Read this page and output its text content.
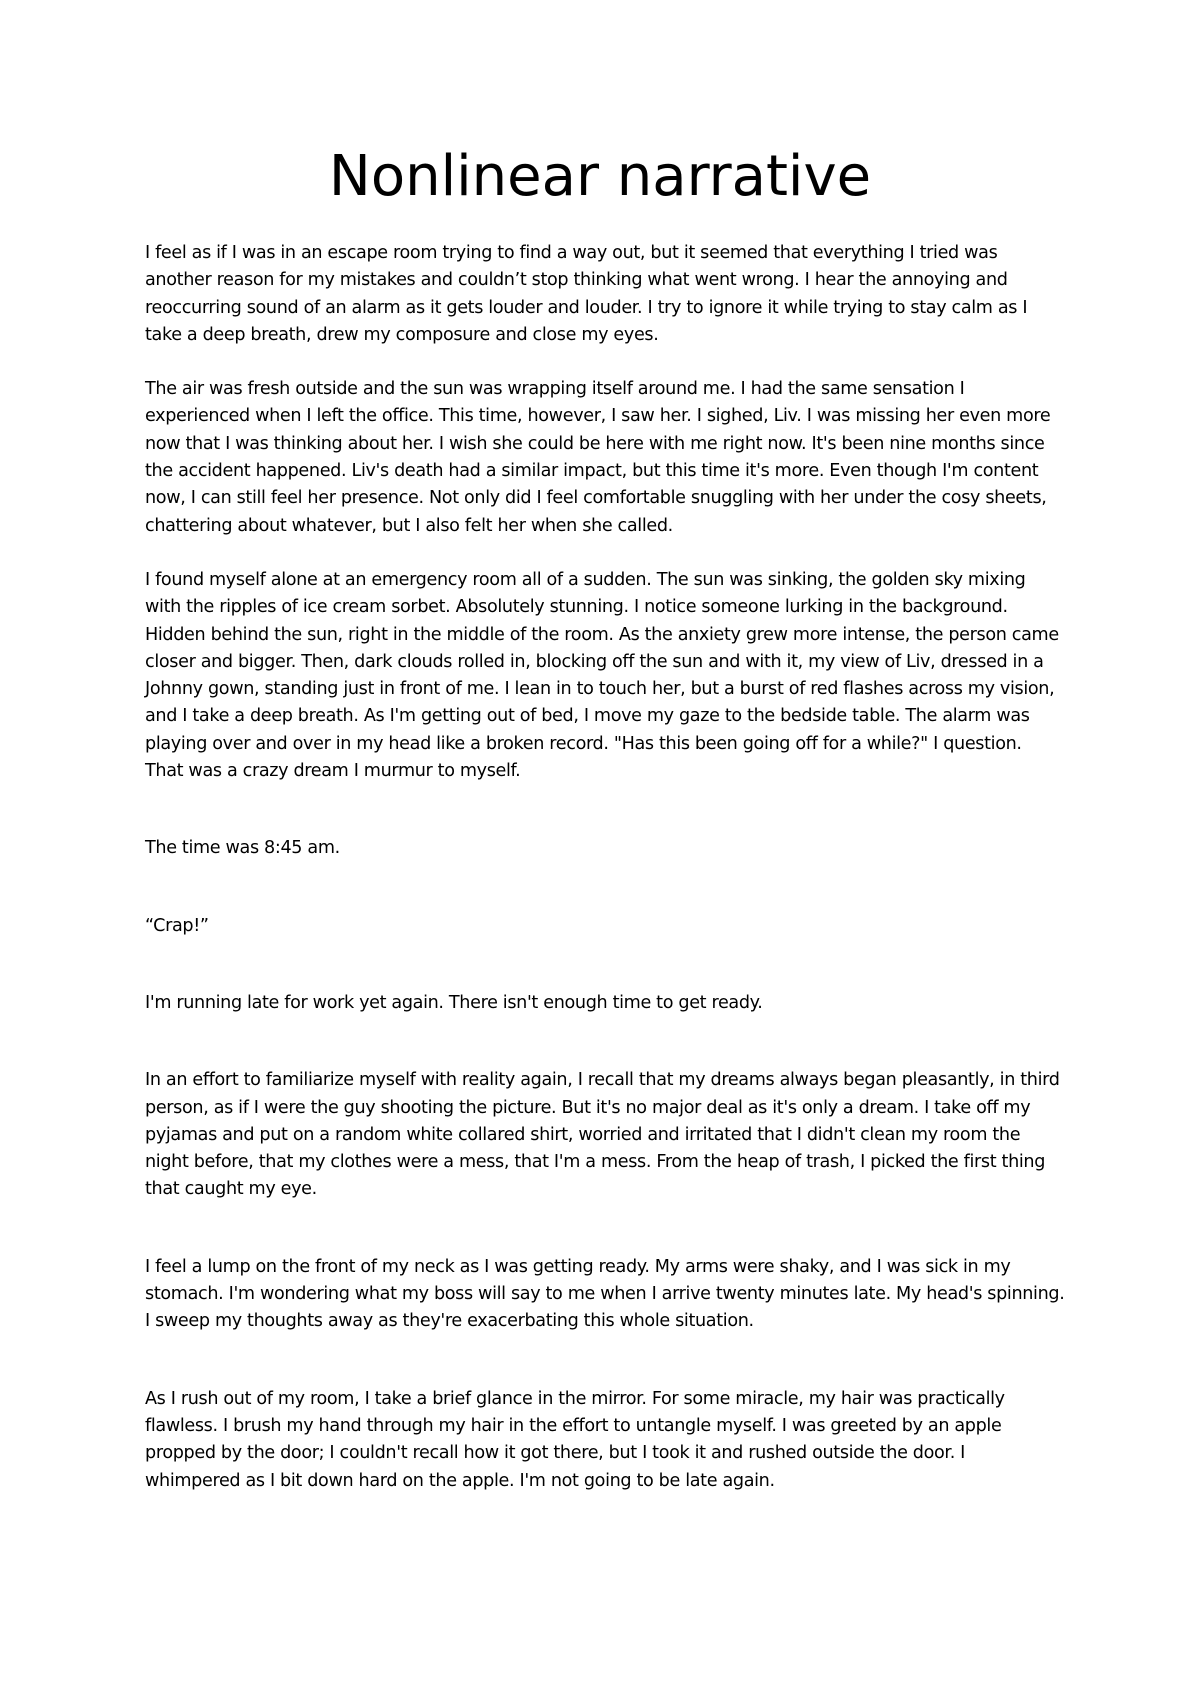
Nonlinear narrative

I feel as if I was in an escape room trying to find a way out, but it seemed that everything I tried was another reason for my mistakes and couldn’t stop thinking what went wrong. I hear the annoying and reoccurring sound of an alarm as it gets louder and louder. I try to ignore it while trying to stay calm as I take a deep breath, drew my composure and close my eyes.

The air was fresh outside and the sun was wrapping itself around me. I had the same sensation I experienced when I left the office. This time, however, I saw her. I sighed, Liv. I was missing her even more now that I was thinking about her. I wish she could be here with me right now. It's been nine months since the accident happened. Liv's death had a similar impact, but this time it's more. Even though I'm content now, I can still feel her presence. Not only did I feel comfortable snuggling with her under the cosy sheets, chattering about whatever, but I also felt her when she called.

I found myself alone at an emergency room all of a sudden. The sun was sinking, the golden sky mixing with the ripples of ice cream sorbet. Absolutely stunning. I notice someone lurking in the background. Hidden behind the sun, right in the middle of the room. As the anxiety grew more intense, the person came closer and bigger. Then, dark clouds rolled in, blocking off the sun and with it, my view of Liv, dressed in a Johnny gown, standing just in front of me. I lean in to touch her, but a burst of red flashes across my vision, and I take a deep breath. As I'm getting out of bed, I move my gaze to the bedside table. The alarm was playing over and over in my head like a broken record. "Has this been going off for a while?" I question. That was a crazy dream I murmur to myself.

The time was 8:45 am.

“Crap!”

I'm running late for work yet again. There isn't enough time to get ready.

In an effort to familiarize myself with reality again, I recall that my dreams always began pleasantly, in third person, as if I were the guy shooting the picture. But it's no major deal as it's only a dream. I take off my pyjamas and put on a random white collared shirt, worried and irritated that I didn't clean my room the night before, that my clothes were a mess, that I'm a mess. From the heap of trash, I picked the first thing that caught my eye.

I feel a lump on the front of my neck as I was getting ready. My arms were shaky, and I was sick in my stomach. I'm wondering what my boss will say to me when I arrive twenty minutes late. My head's spinning. I sweep my thoughts away as they're exacerbating this whole situation.

As I rush out of my room, I take a brief glance in the mirror. For some miracle, my hair was practically flawless. I brush my hand through my hair in the effort to untangle myself. I was greeted by an apple propped by the door; I couldn't recall how it got there, but I took it and rushed outside the door. I whimpered as I bit down hard on the apple. I'm not going to be late again.
